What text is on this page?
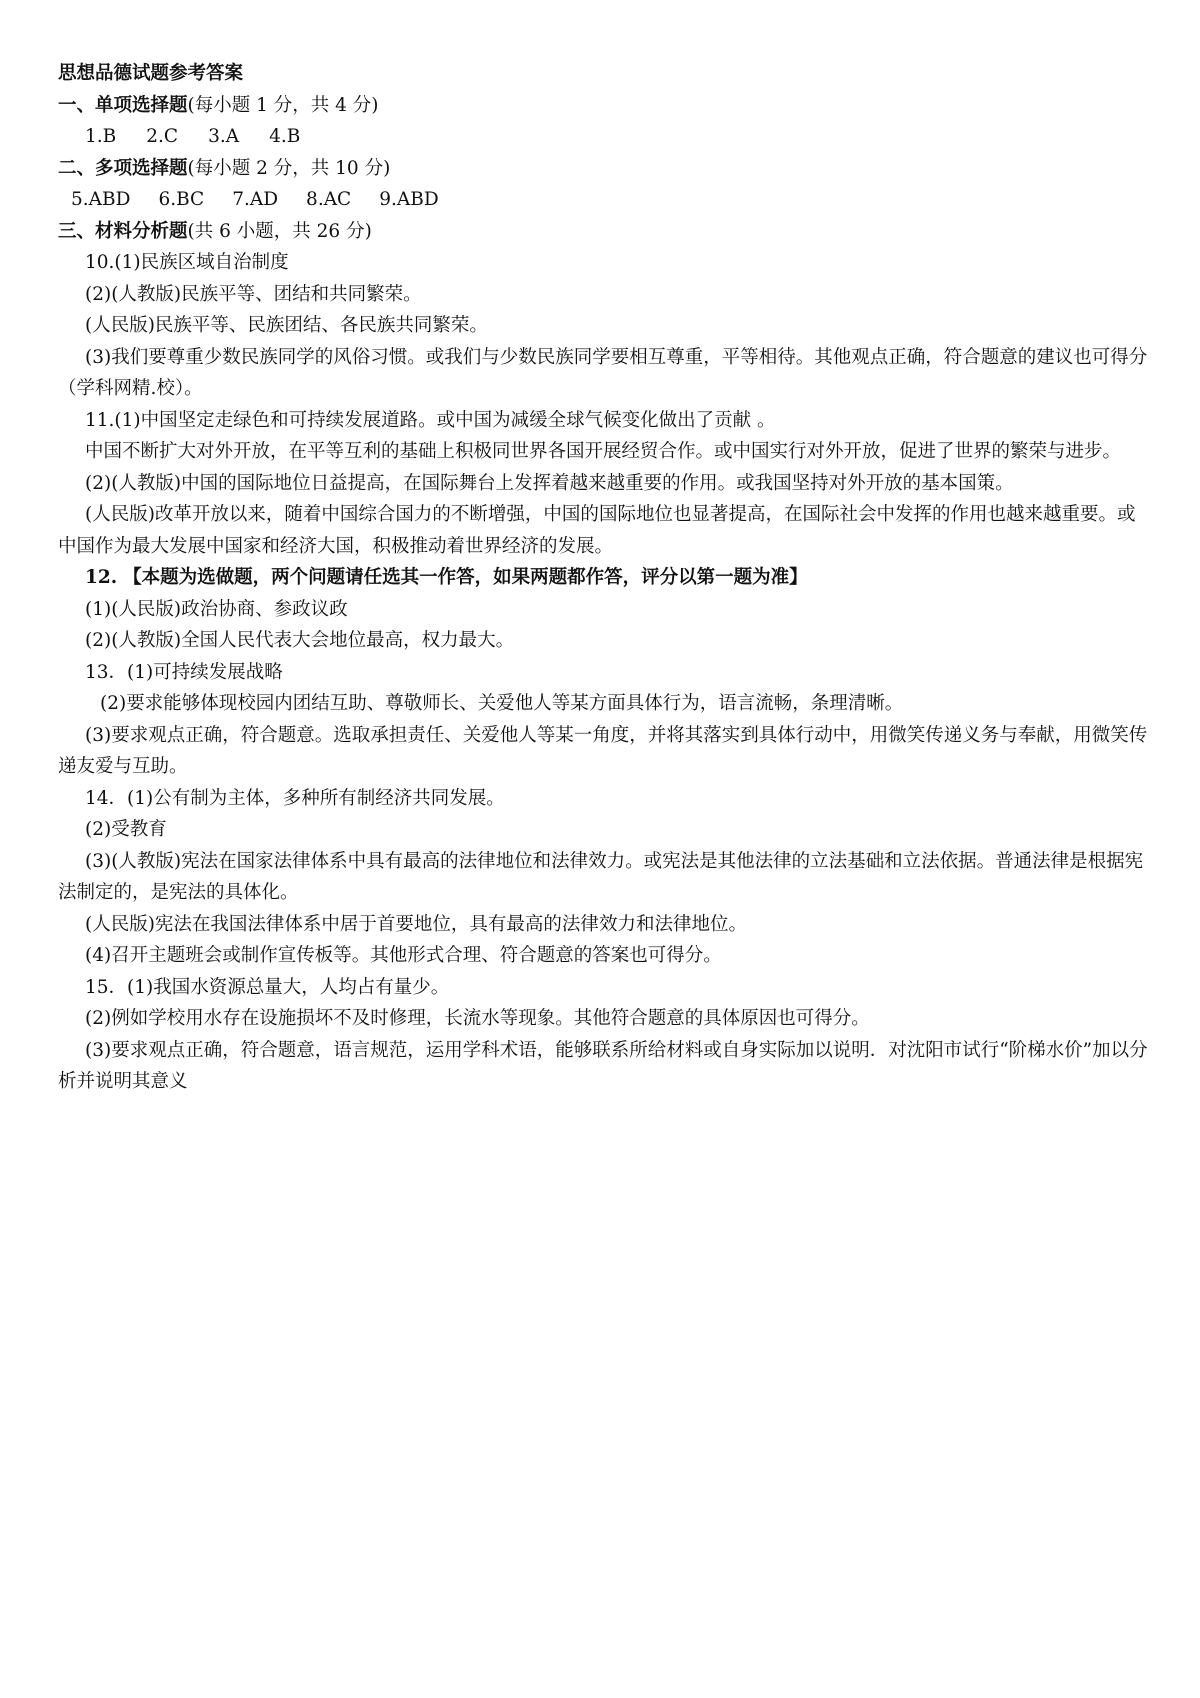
思想品德试题参考答案

一、单项选择题(每小题 1 分，共 4 分)

1.B 2.C 3.A 4.B

二、多项选择题(每小题 2 分，共 10 分)

5.ABD 6.BC 7.AD 8.AC 9.ABD

三、材料分析题(共 6 小题，共 26 分)

10.(1)民族区域自治制度

(2)(人教版)民族平等、团结和共同繁荣。

(人民版)民族平等、民族团结、各民族共同繁荣。

(3)我们要尊重少数民族同学的风俗习惯。或我们与少数民族同学要相互尊重，平等相待。其他观点正确，符合题意的建议也可得分（学科网精.校）。

11.(1)中国坚定走绿色和可持续发展道路。或中国为减缓全球气候变化做出了贡献 。

中国不断扩大对外开放，在平等互利的基础上积极同世界各国开展经贸合作。或中国实行对外开放，促进了世界的繁荣与进步。

(2)(人教版)中国的国际地位日益提高，在国际舞台上发挥着越来越重要的作用。或我国坚持对外开放的基本国策。

(人民版)改革开放以来，随着中国综合国力的不断增强，中国的国际地位也显著提高，在国际社会中发挥的作用也越来越重要。或中国作为最大发展中国家和经济大国，积极推动着世界经济的发展。

12. 【本题为选做题，两个问题请任选其一作答，如果两题都作答，评分以第一题为准】

(1)(人民版)政治协商、参政议政

(2)(人教版)全国人民代表大会地位最高，权力最大。

13．(1)可持续发展战略

(2)要求能够体现校园内团结互助、尊敬师长、关爱他人等某方面具体行为，语言流畅，条理清晰。

(3)要求观点正确，符合题意。选取承担责任、关爱他人等某一角度，并将其落实到具体行动中，用微笑传递义务与奉献，用微笑传递友爱与互助。

14．(1)公有制为主体，多种所有制经济共同发展。

(2)受教育

(3)(人教版)宪法在国家法律体系中具有最高的法律地位和法律效力。或宪法是其他法律的立法基础和立法依据。普通法律是根据宪法制定的，是宪法的具体化。

(人民版)宪法在我国法律体系中居于首要地位，具有最高的法律效力和法律地位。

(4)召开主题班会或制作宣传板等。其他形式合理、符合题意的答案也可得分。

15．(1)我国水资源总量大，人均占有量少。

(2)例如学校用水存在设施损坏不及时修理，长流水等现象。其他符合题意的具体原因也可得分。

(3)要求观点正确，符合题意，语言规范，运用学科术语，能够联系所给材料或自身实际加以说明．对沈阳市试行“阶梯水价”加以分析并说明其意义
